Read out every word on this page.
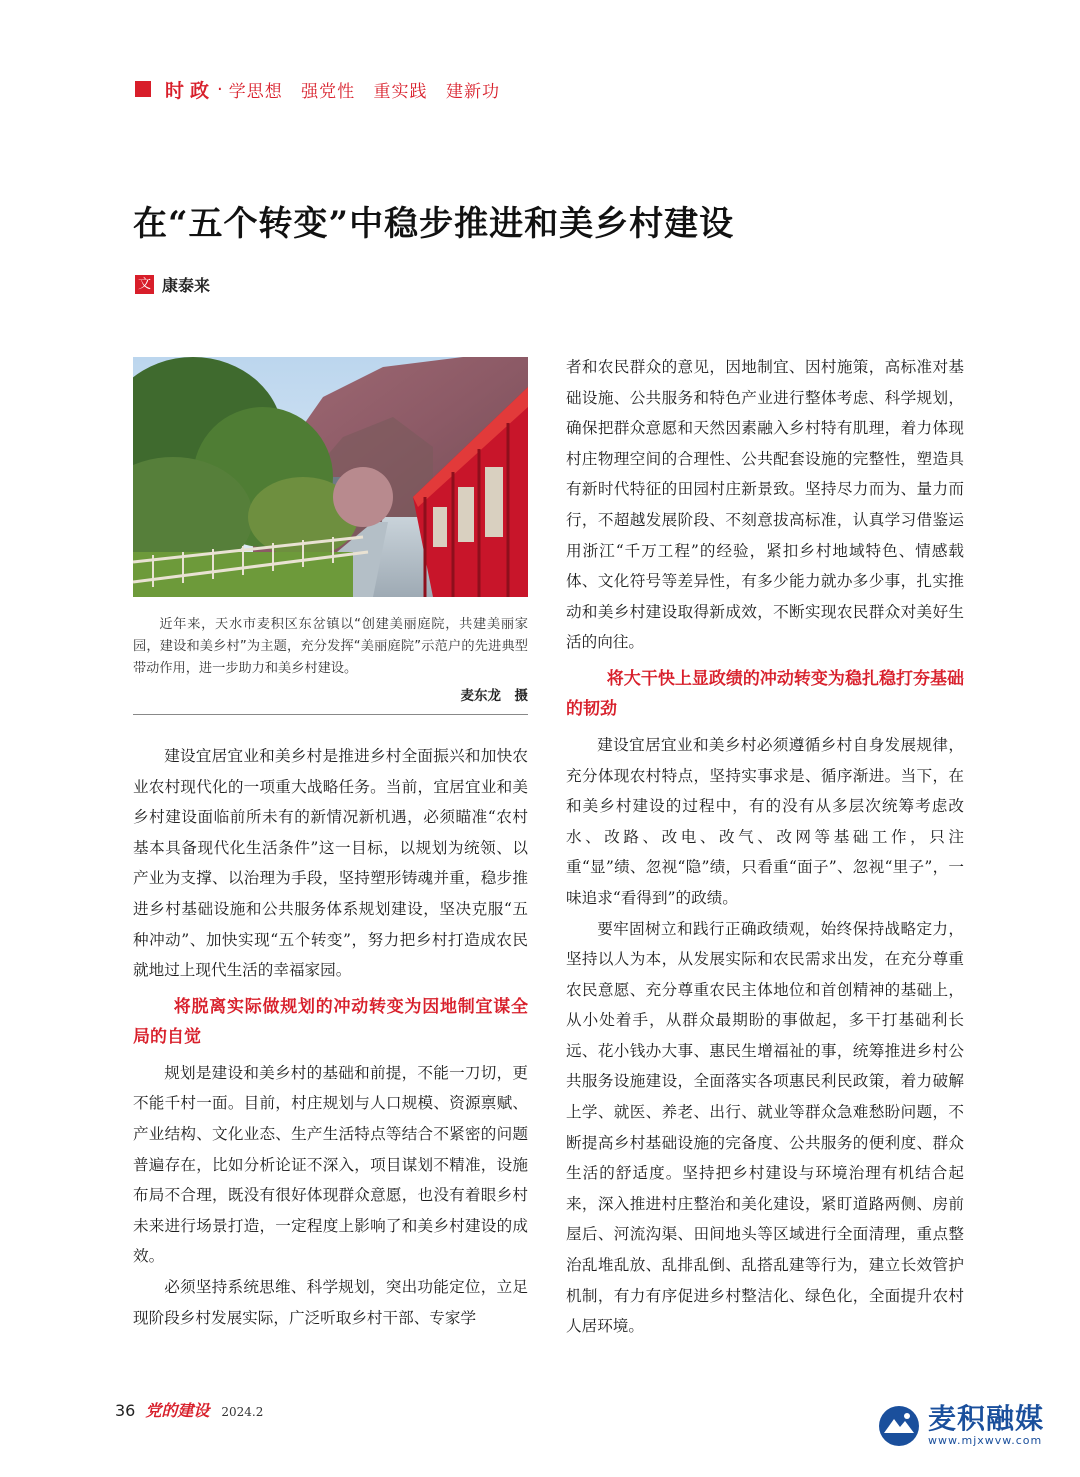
时政 · 学思想 强党性 重实践 建新功
在“五个转变”中稳步推进和美乡村建设
文 康泰来
近年来，天水市麦积区东岔镇以“创建美丽庭院，共建美丽家园，建设和美乡村”为主题，充分发挥“美丽庭院”示范户的先进典型带动作用，进一步助力和美乡村建设。
麦东龙　摄

建设宜居宜业和美乡村是推进乡村全面振兴和加快农业农村现代化的一项重大战略任务。当前，宜居宜业和美乡村建设面临前所未有的新情况新机遇，必须瞄准“农村基本具备现代化生活条件”这一目标，以规划为统领、以产业为支撑、以治理为手段，坚持塑形铸魂并重，稳步推进乡村基础设施和公共服务体系规划建设，坚决克服“五种冲动”、加快实现“五个转变”，努力把乡村打造成农民就地过上现代生活的幸福家园。

将脱离实际做规划的冲动转变为因地制宜谋全局的自觉

规划是建设和美乡村的基础和前提，不能一刀切，更不能千村一面。目前，村庄规划与人口规模、资源禀赋、产业结构、文化业态、生产生活特点等结合不紧密的问题普遍存在，比如分析论证不深入，项目谋划不精准，设施布局不合理，既没有很好体现群众意愿，也没有着眼乡村未来进行场景打造，一定程度上影响了和美乡村建设的成效。

必须坚持系统思维、科学规划，突出功能定位，立足现阶段乡村发展实际，广泛听取乡村干部、专家学

者和农民群众的意见，因地制宜、因村施策，高标准对基础设施、公共服务和特色产业进行整体考虑、科学规划，确保把群众意愿和天然因素融入乡村特有肌理，着力体现村庄物理空间的合理性、公共配套设施的完整性，塑造具有新时代特征的田园村庄新景致。坚持尽力而为、量力而行，不超越发展阶段、不刻意拔高标准，认真学习借鉴运用浙江“千万工程”的经验，紧扣乡村地域特色、情感载体、文化符号等差异性，有多少能力就办多少事，扎实推动和美乡村建设取得新成效，不断实现农民群众对美好生活的向往。

将大干快上显政绩的冲动转变为稳扎稳打夯基础的韧劲

建设宜居宜业和美乡村必须遵循乡村自身发展规律，充分体现农村特点，坚持实事求是、循序渐进。当下，在和美乡村建设的过程中，有的没有从多层次统筹考虑改水、改路、改电、改气、改网等基础工作，只注重“显”绩、忽视“隐”绩，只看重“面子”、忽视“里子”，一味追求“看得到”的政绩。

要牢固树立和践行正确政绩观，始终保持战略定力，坚持以人为本，从发展实际和农民需求出发，在充分尊重农民意愿、充分尊重农民主体地位和首创精神的基础上，从小处着手，从群众最期盼的事做起，多干打基础利长远、花小钱办大事、惠民生增福祉的事，统筹推进乡村公共服务设施建设，全面落实各项惠民利民政策，着力破解上学、就医、养老、出行、就业等群众急难愁盼问题，不断提高乡村基础设施的完备度、公共服务的便利度、群众生活的舒适度。坚持把乡村建设与环境治理有机结合起来，深入推进村庄整治和美化建设，紧盯道路两侧、房前屋后、河流沟渠、田间地头等区域进行全面清理，重点整治乱堆乱放、乱排乱倒、乱搭乱建等行为，建立长效管护机制，有力有序促进乡村整洁化、绿色化，全面提升农村人居环境。

36 党的建设 2024.2	麦积融媒
www.mjxwvw.com
